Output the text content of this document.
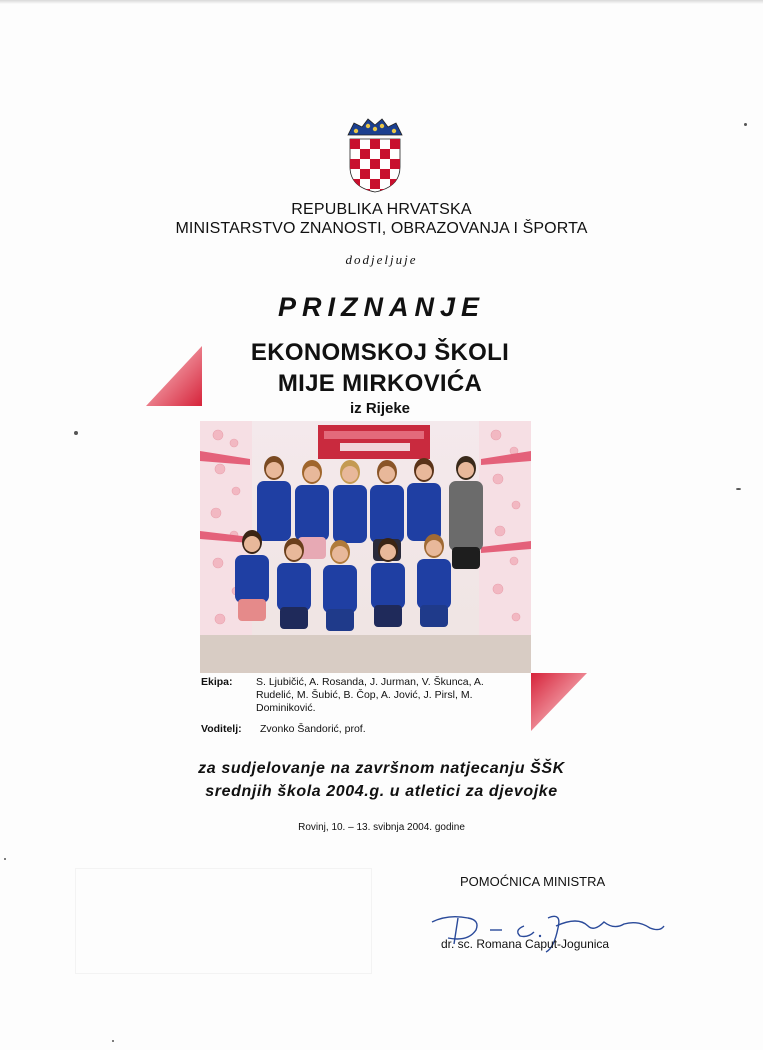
REPUBLIKA HRVATSKA
MINISTARSTVO ZNANOSTI, OBRAZOVANJA I ŠPORTA
dodjeljuje
PRIZNANJE
EKONOMSKOJ ŠKOLI
MIJE MIRKOVIĆA
iz Rijeke
Ekipa: S. Ljubičić, A. Rosanda, J. Jurman, V. Škunca, A. Rudelić, M. Šubić, B. Čop, A. Jović, J. Pirsl, M. Dominiković.
Voditelj: Zvonko Šandorić, prof.
za sudjelovanje na završnom natjecanju ŠŠK
srednjih škola 2004.g. u atletici za djevojke
Rovinj, 10. – 13. svibnja 2004. godine
POMOĆNICA MINISTRA
dr. sc. Romana Caput-Jogunica
